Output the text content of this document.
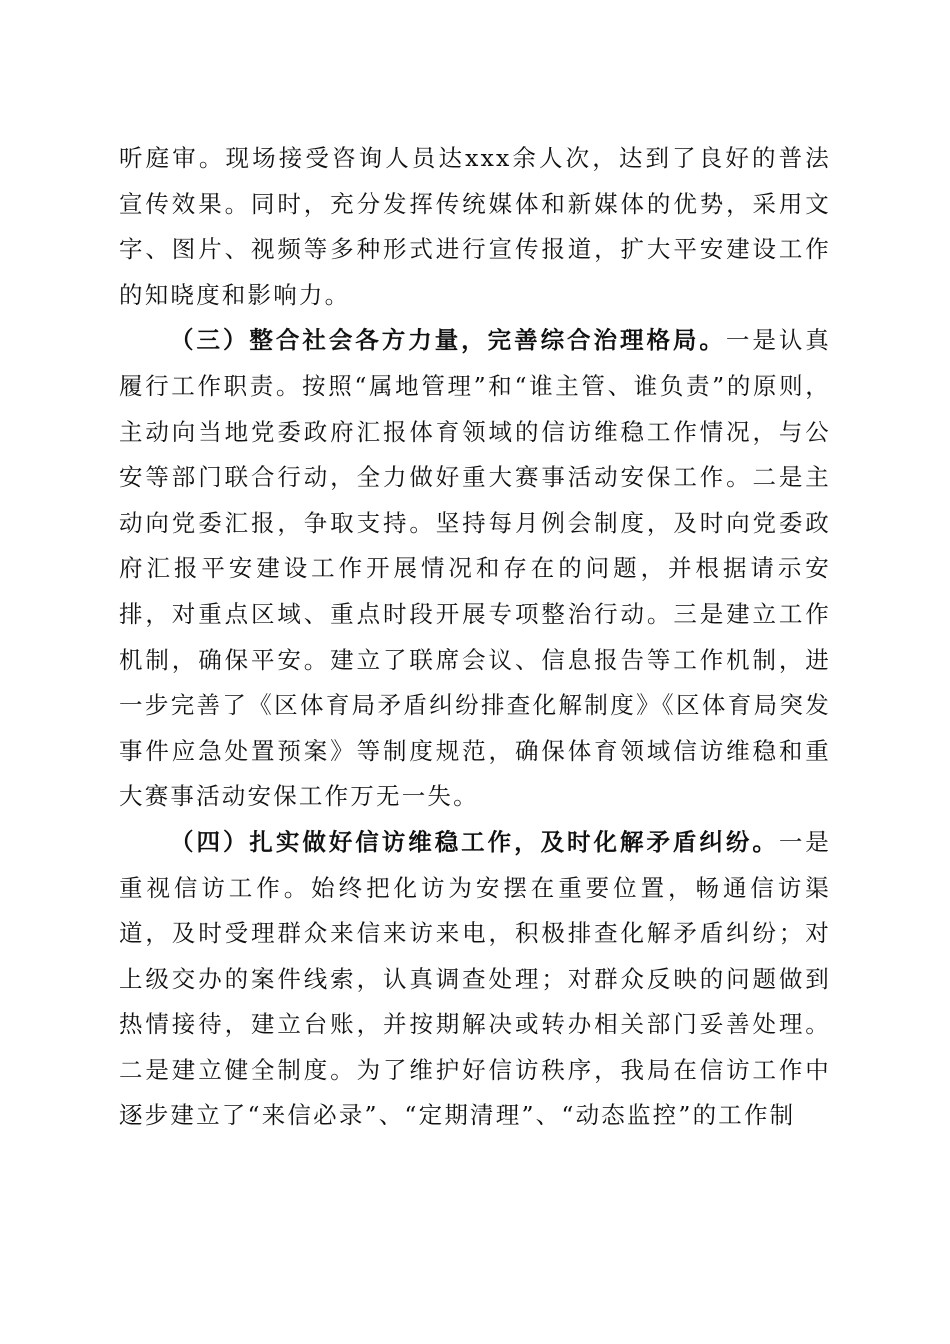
听庭审。现场接受咨询人员达xxx余人次，达到了良好的普法宣传效果。同时，充分发挥传统媒体和新媒体的优势，采用文字、图片、视频等多种形式进行宣传报道，扩大平安建设工作的知晓度和影响力。

（三）整合社会各方力量，完善综合治理格局。一是认真履行工作职责。按照“属地管理”和“谁主管、谁负责”的原则，主动向当地党委政府汇报体育领域的信访维稳工作情况，与公安等部门联合行动，全力做好重大赛事活动安保工作。二是主动向党委汇报，争取支持。坚持每月例会制度，及时向党委政府汇报平安建设工作开展情况和存在的问题，并根据请示安排，对重点区域、重点时段开展专项整治行动。三是建立工作机制，确保平安。建立了联席会议、信息报告等工作机制，进一步完善了《区体育局矛盾纠纷排查化解制度》《区体育局突发事件应急处置预案》等制度规范，确保体育领域信访维稳和重大赛事活动安保工作万无一失。

（四）扎实做好信访维稳工作，及时化解矛盾纠纷。一是重视信访工作。始终把化访为安摆在重要位置，畅通信访渠道，及时受理群众来信来访来电，积极排查化解矛盾纠纷；对上级交办的案件线索，认真调查处理；对群众反映的问题做到热情接待，建立台账，并按期解决或转办相关部门妥善处理。二是建立健全制度。为了维护好信访秩序，我局在信访工作中逐步建立了“来信必录”、“定期清理”、“动态监控”的工作制
